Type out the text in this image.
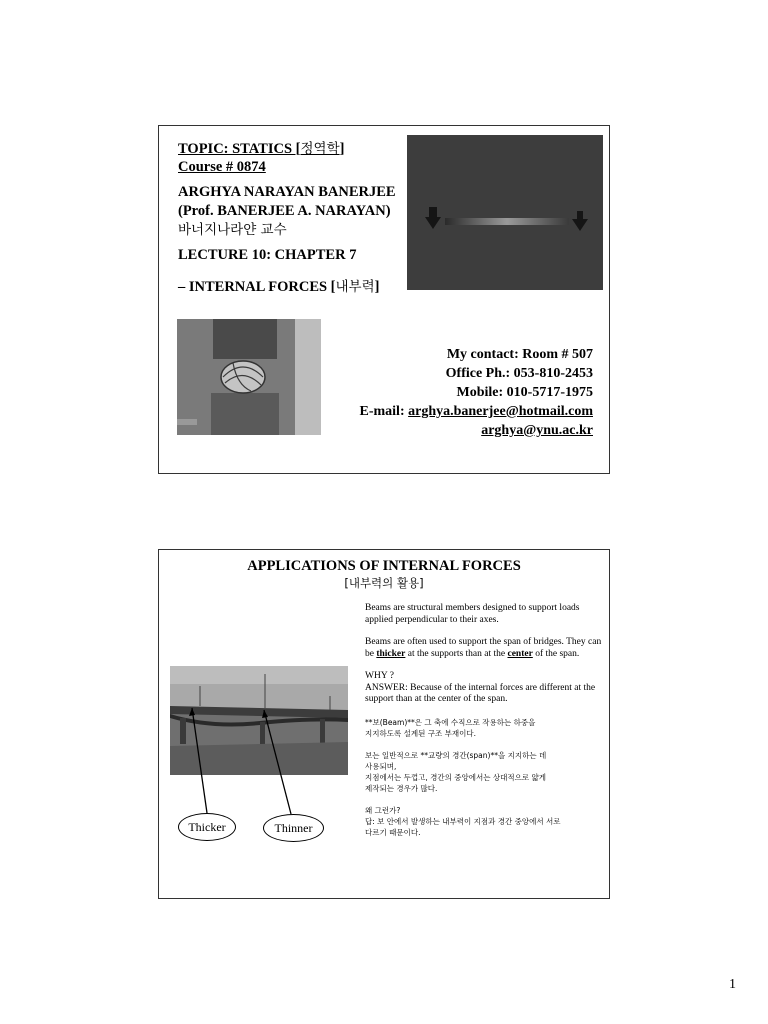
TOPIC: STATICS [정역학]
Course # 0874
ARGHYA NARAYAN BANERJEE
(Prof. BANERJEE A. NARAYAN)
바너지나라얀 교수
LECTURE 10: CHAPTER 7
– INTERNAL FORCES [내부력]
My contact: Room # 507
Office Ph.: 053-810-2453
Mobile: 010-5717-1975
E-mail: arghya.banerjee@hotmail.com
arghya@ynu.ac.kr
APPLICATIONS OF INTERNAL FORCES
[내부력의 활용]

Beams are structural members designed to support loads applied perpendicular to their axes.

Beams are often used to support the span of bridges. They can be thicker at the supports than at the center of the span.

WHY ?
ANSWER: Because of the internal forces are different at the support than at the center of the span.

**보(Beam)**은 그 축에 수직으로 작용하는 하중을
지지하도록 설계된 구조 부재이다.

보는 일반적으로 **교량의 경간(span)**을 지지하는 데
사용되며,
지점에서는 두껍고, 경간의 중앙에서는 상대적으로 얇게
제작되는 경우가 많다.

왜 그런가?
답: 보 안에서 발생하는 내부력이 지점과 경간 중앙에서 서로
다르기 때문이다.

Thicker	Thinner
1
